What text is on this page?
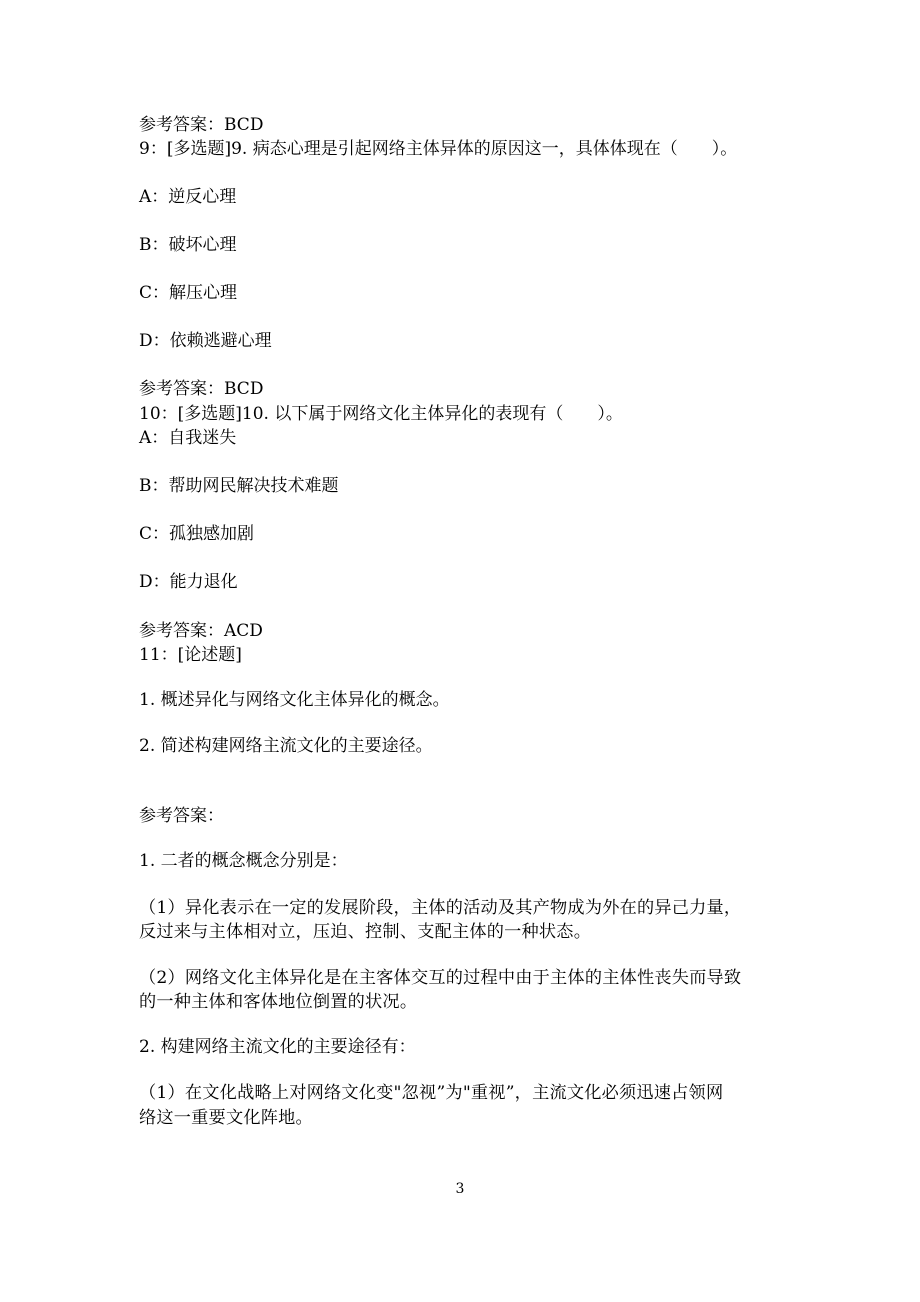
参考答案：BCD
9：[多选题]9. 病态心理是引起网络主体异体的原因这一，具体体现在（　　）。
A：逆反心理
B：破坏心理
C：解压心理
D：依赖逃避心理
参考答案：BCD
10：[多选题]10. 以下属于网络文化主体异化的表现有（　　）。
A：自我迷失
B：帮助网民解决技术难题
C：孤独感加剧
D：能力退化
参考答案：ACD
11：[论述题]
1. 概述异化与网络文化主体异化的概念。
2. 简述构建网络主流文化的主要途径。
参考答案：
1. 二者的概念概念分别是：
（1）异化表示在一定的发展阶段，主体的活动及其产物成为外在的异己力量，
反过来与主体相对立，压迫、控制、支配主体的一种状态。
（2）网络文化主体异化是在主客体交互的过程中由于主体的主体性丧失而导致
的一种主体和客体地位倒置的状况。
2. 构建网络主流文化的主要途径有：
（1）在文化战略上对网络文化变"忽视”为"重视”，主流文化必须迅速占领网
络这一重要文化阵地。
3
